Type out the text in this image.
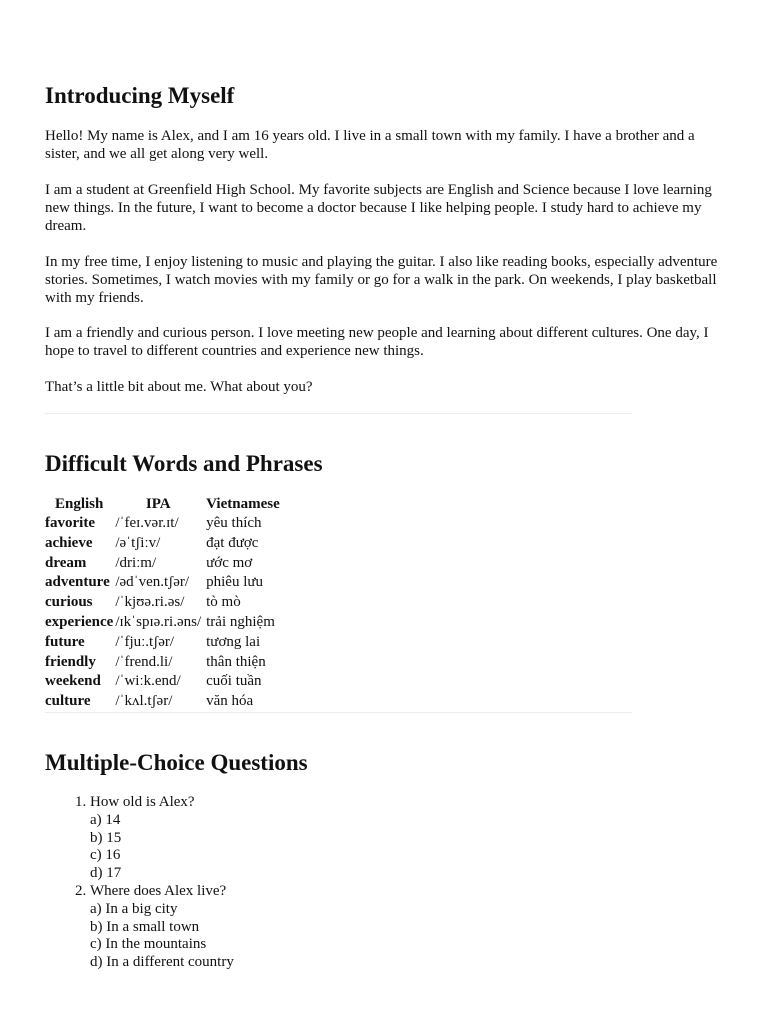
Introducing Myself

Hello! My name is Alex, and I am 16 years old. I live in a small town with my family. I have a brother and a sister, and we all get along very well.

I am a student at Greenfield High School. My favorite subjects are English and Science because I love learning new things. In the future, I want to become a doctor because I like helping people. I study hard to achieve my dream.

In my free time, I enjoy listening to music and playing the guitar. I also like reading books, especially adventure stories. Sometimes, I watch movies with my family or go for a walk in the park. On weekends, I play basketball with my friends.

I am a friendly and curious person. I love meeting new people and learning about different cultures. One day, I hope to travel to different countries and experience new things.

That’s a little bit about me. What about you?

Difficult Words and Phrases
English	IPA	Vietnamese
favorite	/ˈfeɪ.vər.ɪt/	yêu thích
achieve	/əˈtʃiːv/	đạt được
dream	/driːm/	ước mơ
adventure	/ədˈven.tʃər/	phiêu lưu
curious	/ˈkjʊə.ri.əs/	tò mò
experience	/ɪkˈspɪə.ri.əns/	trải nghiệm
future	/ˈfjuː.tʃər/	tương lai
friendly	/ˈfrend.li/	thân thiện
weekend	/ˈwiːk.end/	cuối tuần
culture	/ˈkʌl.tʃər/	văn hóa
Multiple-Choice Questions
1. How old is Alex?
a) 14
b) 15
c) 16
d) 17
2. Where does Alex live?
a) In a big city
b) In a small town
c) In the mountains
d) In a different country
